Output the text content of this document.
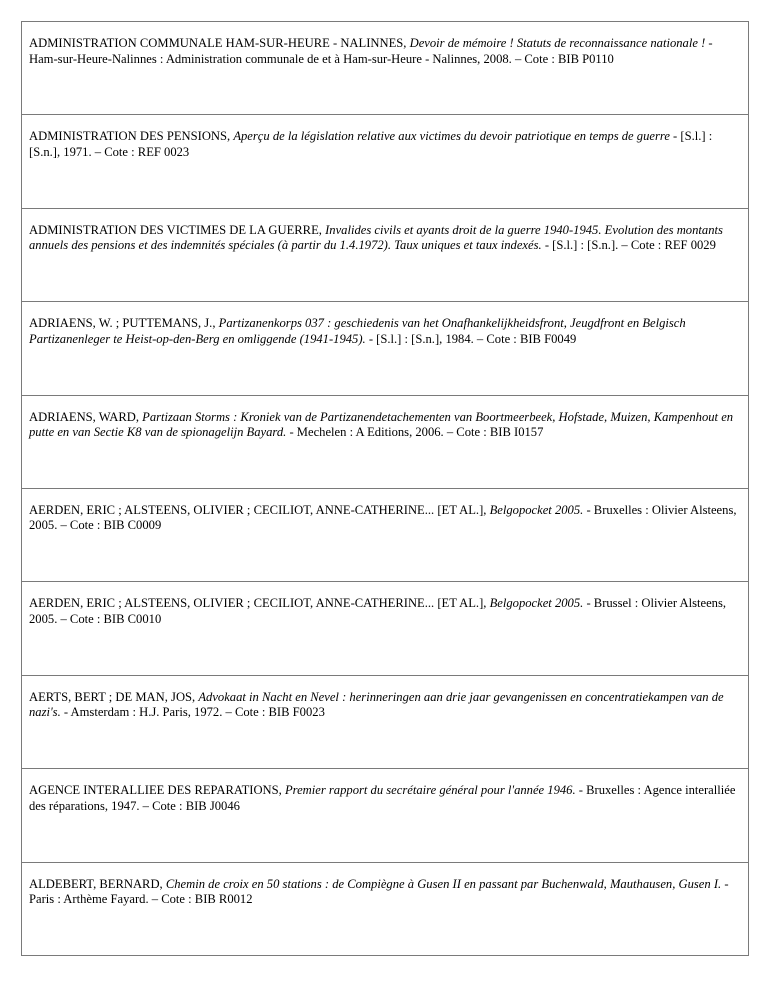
ADMINISTRATION COMMUNALE HAM-SUR-HEURE - NALINNES, Devoir de mémoire ! Statuts de reconnaissance nationale ! - Ham-sur-Heure-Nalinnes : Administration communale de et à Ham-sur-Heure - Nalinnes, 2008. – Cote : BIB P0110
ADMINISTRATION DES PENSIONS, Aperçu de la législation relative aux victimes du devoir patriotique en temps de guerre - [S.l.] : [S.n.], 1971. – Cote : REF 0023
ADMINISTRATION DES VICTIMES DE LA GUERRE, Invalides civils et ayants droit de la guerre 1940-1945. Evolution des montants annuels des pensions et des indemnités spéciales (à partir du 1.4.1972). Taux uniques et taux indexés. - [S.l.] : [S.n.]. – Cote : REF 0029
ADRIAENS, W. ; PUTTEMANS, J., Partizanenkorps 037 : geschiedenis van het Onafhankelijkheidsfront, Jeugdfront en Belgisch Partizanenleger te Heist-op-den-Berg en omliggende (1941-1945). - [S.l.] : [S.n.], 1984. – Cote : BIB F0049
ADRIAENS, WARD, Partizaan Storms : Kroniek van de Partizanendetachementen van Boortmeerbeek, Hofstade, Muizen, Kampenhout en putte en van Sectie K8 van de spionagelijn Bayard. - Mechelen : A Editions, 2006. – Cote : BIB I0157
AERDEN, ERIC ; ALSTEENS, OLIVIER ; CECILIOT, ANNE-CATHERINE... [ET AL.], Belgopocket 2005. - Bruxelles : Olivier Alsteens, 2005. – Cote : BIB C0009
AERDEN, ERIC ; ALSTEENS, OLIVIER ; CECILIOT, ANNE-CATHERINE... [ET AL.], Belgopocket 2005. - Brussel : Olivier Alsteens, 2005. – Cote : BIB C0010
AERTS, BERT ; DE MAN, JOS, Advokaat in Nacht en Nevel : herinneringen aan drie jaar gevangenissen en concentratiekampen van de nazi's. - Amsterdam : H.J. Paris, 1972. – Cote : BIB F0023
AGENCE INTERALLIEE DES REPARATIONS, Premier rapport du secrétaire général pour l'année 1946. - Bruxelles : Agence interalliée des réparations, 1947. – Cote : BIB J0046
ALDEBERT, BERNARD, Chemin de croix en 50 stations : de Compiègne à Gusen II en passant par Buchenwald, Mauthausen, Gusen I. - Paris : Arthème Fayard. – Cote : BIB R0012
